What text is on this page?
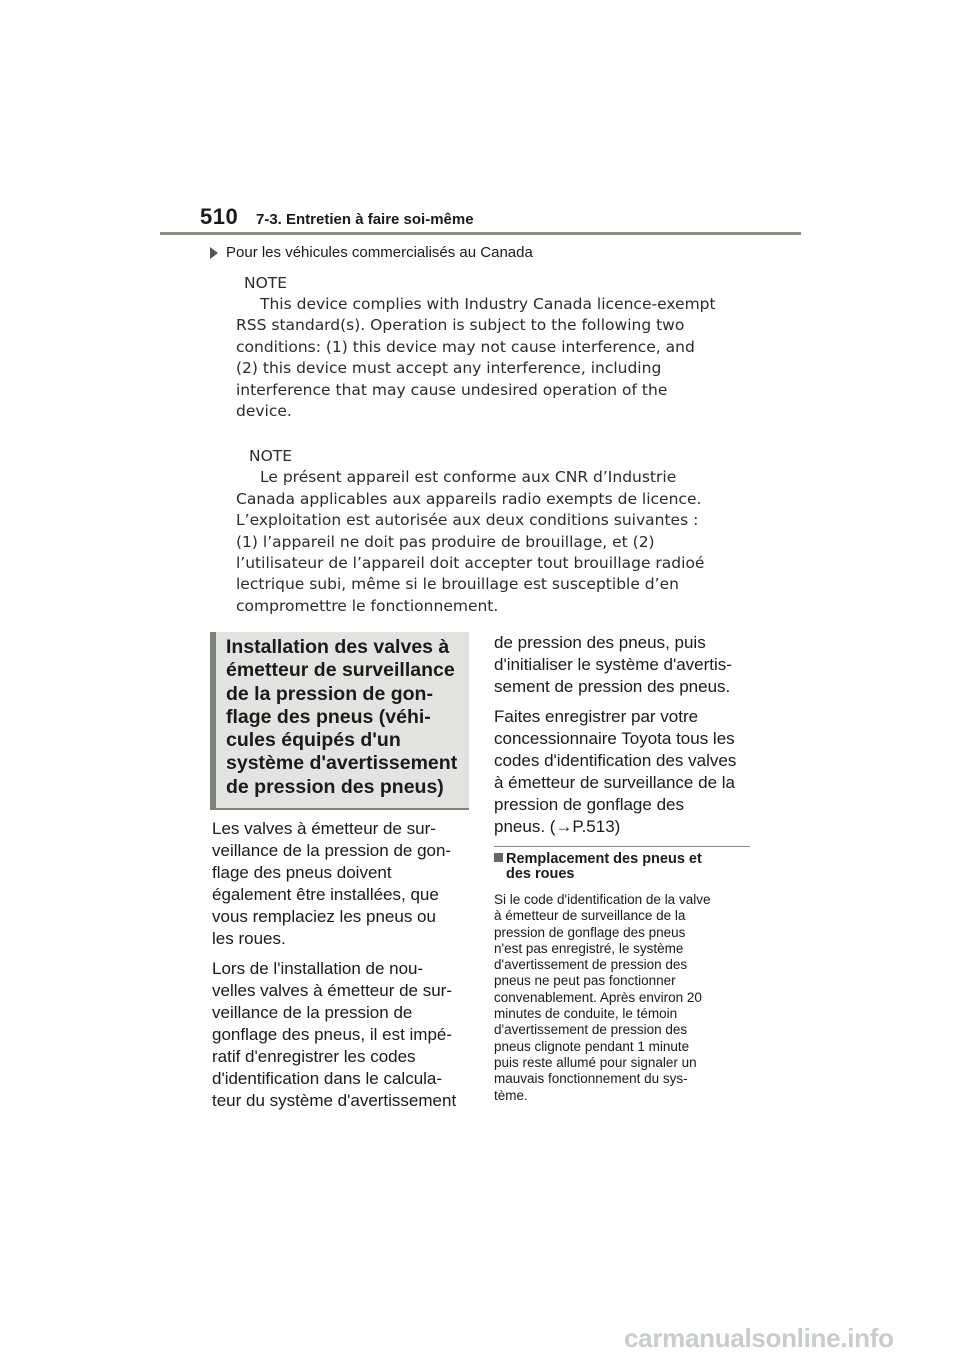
510 7-3. Entretien à faire soi-même
Pour les véhicules commercialisés au Canada
NOTE
This device complies with Industry Canada licence-exempt
RSS standard(s). Operation is subject to the following two
conditions: (1) this device may not cause interference, and
(2) this device must accept any interference, including
interference that may cause undesired operation of the
device.
NOTE
Le présent appareil est conforme aux CNR d’Industrie
Canada applicables aux appareils radio exempts de licence.
L’exploitation est autorisée aux deux conditions suivantes :
(1) l’appareil ne doit pas produire de brouillage, et (2)
l’utilisateur de l’appareil doit accepter tout brouillage radioé
lectrique subi, même si le brouillage est susceptible d’en
compromettre le fonctionnement.
Installation des valves à
émetteur de surveillance
de la pression de gon-
flage des pneus (véhi-
cules équipés d'un
système d'avertissement
de pression des pneus)

Les valves à émetteur de sur-
veillance de la pression de gon-
flage des pneus doivent
également être installées, que
vous remplaciez les pneus ou
les roues.

Lors de l'installation de nou-
velles valves à émetteur de sur-
veillance de la pression de
gonflage des pneus, il est impé-
ratif d'enregistrer les codes
d'identification dans le calcula-
teur du système d'avertissement

de pression des pneus, puis
d'initialiser le système d'avertis-
sement de pression des pneus.

Faites enregistrer par votre
concessionnaire Toyota tous les
codes d'identification des valves
à émetteur de surveillance de la
pression de gonflage des
pneus. (→P.513)

Remplacement des pneus et
des roues
Si le code d'identification de la valve
à émetteur de surveillance de la
pression de gonflage des pneus
n'est pas enregistré, le système
d'avertissement de pression des
pneus ne peut pas fonctionner
convenablement. Après environ 20
minutes de conduite, le témoin
d'avertissement de pression des
pneus clignote pendant 1 minute
puis reste allumé pour signaler un
mauvais fonctionnement du sys-
tème.
carmanualsonline.info
